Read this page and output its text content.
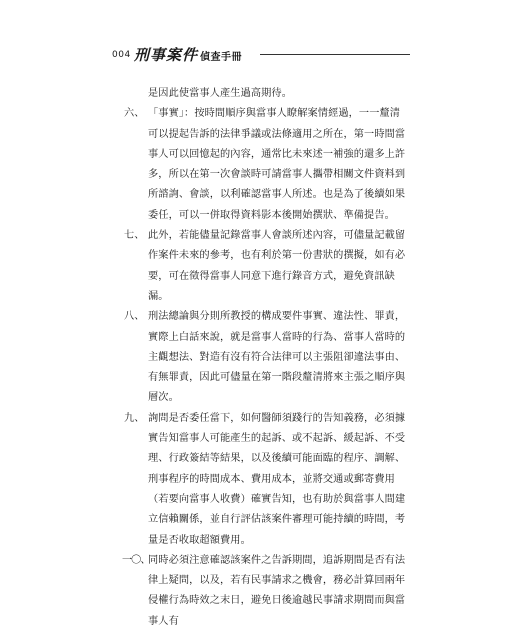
004 刑事案件 偵查手冊
是因此使當事人產生過高期待。
六、 「事實」：按時間順序與當事人瞭解案情經過，一一釐清可以提起告訴的法律爭議或法條適用之所在，第一時間當事人可以回憶起的內容，通常比未來述一補強的還多上許多，所以在第一次會談時可請當事人攜帶相關文件資料到所諮詢、會談，以利確認當事人所述。也是為了後續如果委任，可以一併取得資料影本後開始撰狀、準備提告。
七、 此外，若能儘量記錄當事人會談所述內容，可儘量記載留作案件未來的參考，也有利於第一份書狀的撰擬，如有必要，可在徵得當事人同意下進行錄音方式，避免資訊缺漏。
八、 刑法總論與分則所教授的構成要件事實、違法性、罪責，實際上白話來說，就是當事人當時的行為、當事人當時的主觀想法、對造有沒有符合法律可以主張阻卻違法事由、有無罪責，因此可儘量在第一階段釐清將來主張之順序與層次。
九、 詢問是否委任當下，如何醫師須踐行的告知義務，必須據實告知當事人可能產生的起訴、或不起訴、緩起訴、不受理、行政簽結等結果，以及後續可能面臨的程序、調解、刑事程序的時間成本、費用成本，並將交通或郵寄費用（若要向當事人收費）確實告知，也有助於與當事人間建立信賴關係，並自行評估該案件審理可能持續的時間，考量是否收取超額費用。
一〇、
同時必須注意確認該案件之告訴期間，追訴期間是否有法律上疑問，以及，若有民事請求之機會，務必計算回兩年侵權行為時效之末日，避免日後逾越民事請求期間而與當事人有
